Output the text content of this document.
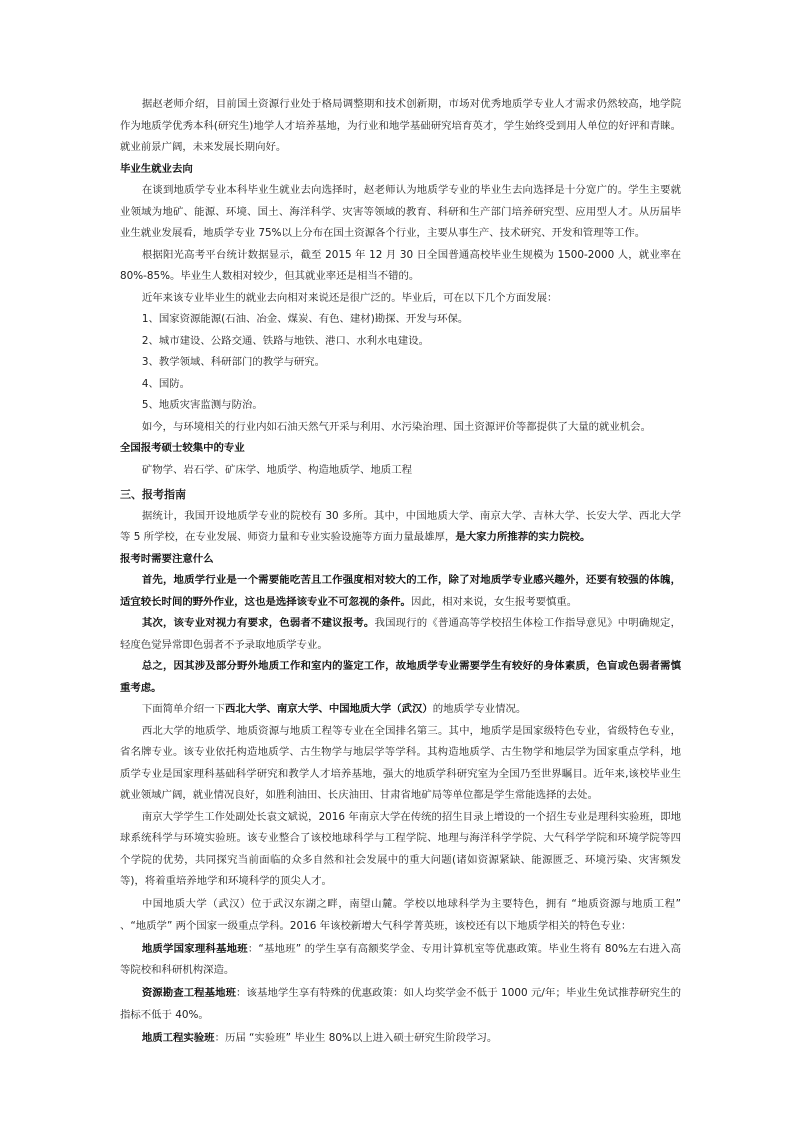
据赵老师介绍，目前国土资源行业处于格局调整期和技术创新期，市场对优秀地质学专业人才需求仍然较高，地学院作为地质学优秀本科(研究生)地学人才培养基地，为行业和地学基础研究培育英才，学生始终受到用人单位的好评和青睐。就业前景广阔，未来发展长期向好。

毕业生就业去向

在谈到地质学专业本科毕业生就业去向选择时，赵老师认为地质学专业的毕业生去向选择是十分宽广的。学生主要就业领域为地矿、能源、环境、国土、海洋科学、灾害等领域的教育、科研和生产部门培养研究型、应用型人才。从历届毕业生就业发展看，地质学专业 75%以上分布在国土资源各个行业，主要从事生产、技术研究、开发和管理等工作。

根据阳光高考平台统计数据显示，截至 2015 年 12 月 30 日全国普通高校毕业生规模为 1500-2000 人，就业率在 80%-85%。毕业生人数相对较少，但其就业率还是相当不错的。

近年来该专业毕业生的就业去向相对来说还是很广泛的。毕业后，可在以下几个方面发展：

1、国家资源能源(石油、冶金、煤炭、有色、建材)勘探、开发与环保。

2、城市建设、公路交通、铁路与地铁、港口、水利水电建设。

3、教学领域、科研部门的教学与研究。

4、国防。

5、地质灾害监测与防治。

如今，与环境相关的行业内如石油天然气开采与利用、水污染治理、国土资源评价等都提供了大量的就业机会。

全国报考硕士较集中的专业

矿物学、岩石学、矿床学、地质学、构造地质学、地质工程

三、报考指南

据统计，我国开设地质学专业的院校有 30 多所。其中，中国地质大学、南京大学、吉林大学、长安大学、西北大学等 5 所学校，在专业发展、师资力量和专业实验设施等方面力量最雄厚，是大家力所推荐的实力院校。

报考时需要注意什么

首先，地质学行业是一个需要能吃苦且工作强度相对较大的工作，除了对地质学专业感兴趣外，还要有较强的体魄，适宜较长时间的野外作业，这也是选择该专业不可忽视的条件。因此，相对来说，女生报考要慎重。

其次，该专业对视力有要求，色弱者不建议报考。我国现行的《普通高等学校招生体检工作指导意见》中明确规定，轻度色觉异常即色弱者不予录取地质学专业。

总之，因其涉及部分野外地质工作和室内的鉴定工作，故地质学专业需要学生有较好的身体素质，色盲或色弱者需慎重考虑。

下面简单介绍一下西北大学、南京大学、中国地质大学（武汉）的地质学专业情况。

西北大学的地质学、地质资源与地质工程等专业在全国排名第三。其中，地质学是国家级特色专业，省级特色专业，省名牌专业。该专业依托构造地质学、古生物学与地层学等学科。其构造地质学、古生物学和地层学为国家重点学科，地质学专业是国家理科基础科学研究和教学人才培养基地，强大的地质学科研究室为全国乃至世界瞩目。近年来,该校毕业生就业领域广阔，就业情况良好，如胜利油田、长庆油田、甘肃省地矿局等单位都是学生常能选择的去处。

南京大学学生工作处副处长袁文斌说，2016 年南京大学在传统的招生目录上增设的一个招生专业是理科实验班，即地球系统科学与环境实验班。该专业整合了该校地球科学与工程学院、地理与海洋科学学院、大气科学学院和环境学院等四个学院的优势，共同探究当前面临的众多自然和社会发展中的重大问题(诸如资源紧缺、能源匮乏、环境污染、灾害频发等)，将着重培养地学和环境科学的顶尖人才。

中国地质大学（武汉）位于武汉东湖之畔，南望山麓。学校以地球科学为主要特色，拥有 “地质资源与地质工程” 、“地质学” 两个国家一级重点学科。2016 年该校新增大气科学菁英班，该校还有以下地质学相关的特色专业：

地质学国家理科基地班：“基地班” 的学生享有高额奖学金、专用计算机室等优惠政策。毕业生将有 80%左右进入高等院校和科研机构深造。

资源勘查工程基地班：该基地学生享有特殊的优惠政策：如人均奖学金不低于 1000 元/年；毕业生免试推荐研究生的指标不低于 40%。

地质工程实验班：历届 “实验班” 毕业生 80%以上进入硕士研究生阶段学习。
